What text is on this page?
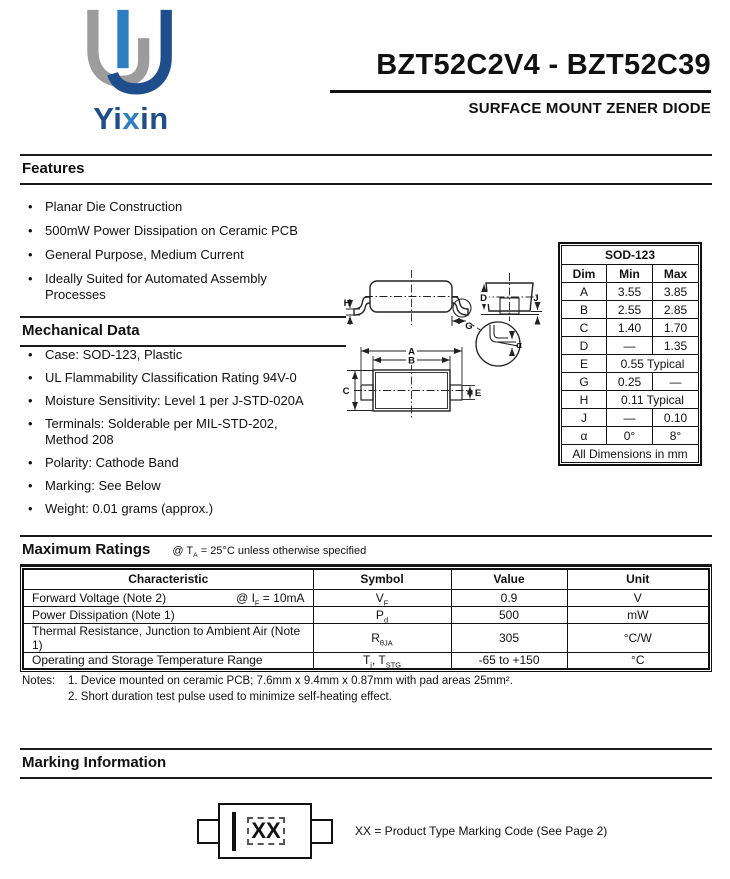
Yixin
BZT52C2V4 - BZT52C39
SURFACE MOUNT ZENER DIODE
Features
• Planar Die Construction
• 500mW Power Dissipation on Ceramic PCB
• General Purpose, Medium Current
• Ideally Suited for Automated Assembly
Processes
Mechanical Data
• Case: SOD-123, Plastic
• UL Flammability Classification Rating 94V-0
• Moisture Sensitivity: Level 1 per J-STD-020A
• Terminals: Solderable per MIL-STD-202,
Method 208
• Polarity: Cathode Band
• Marking: See Below
• Weight: 0.01 grams (approx.)
H
G
D	J
α
A
B
C	E
SOD-123		
Dim	Min	Max
A	3.55	3.85
B	2.55	2.85
C	1.40	1.70
D	—	1.35
E	0.55 Typical	
G	0.25	—
H	0.11 Typical	
J	—	0.10
α	0°	8°
All Dimensions in mm		
Maximum Ratings @ $T_A = 25^\circ C$ unless otherwise specified
Characteristic	Symbol	Value	Unit

Forward Voltage (Note 2) @ $I_F = 10mA$	$V_F$	0.9	V

Power Dissipation (Note 1)	$P_d$	500	mW

Thermal Resistance, Junction to Ambient Air (Note 1)	$R_{\theta JA}$	305	°C/W

Operating and Storage Temperature Range	$T_j$, $T_{STG}$	-65 to +150	°C
Notes:	1. Device mounted on ceramic PCB; 7.6mm x 9.4mm x 0.87mm with pad areas 25mm².
2. Short duration test pulse used to minimize self-heating effect.
Marking Information
XX	XX = Product Type Marking Code (See Page 2)
